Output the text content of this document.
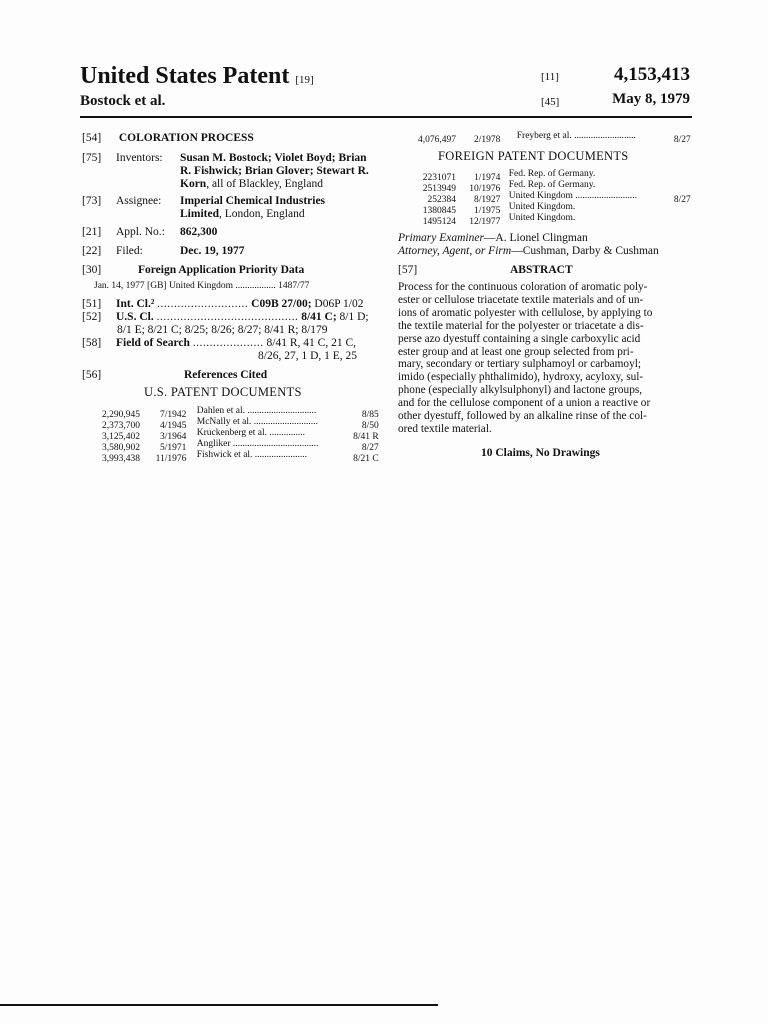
United States Patent [19]
Bostock et al.
[11]	4,153,413
[45]	May 8, 1979
[54] COLORATION PROCESS
[75] Inventors: Susan M. Bostock; Violet Boyd; Brian
R. Fishwick; Brian Glover; Stewart R.
Korn, all of Blackley, England
[73] Assignee: Imperial Chemical Industries
Limited, London, England
[21] Appl. No.: 862,300
[22] Filed:	Dec. 19, 1977
[30]	Foreign Application Priority Data
Jan. 14, 1977 [GB] United Kingdom ................. 1487/77
[51] Int. Cl.² ........................... C09B 27/00; D06P 1/02
[52] U.S. Cl. .......................................... 8/41 C; 8/1 D;
8/1 E; 8/21 C; 8/25; 8/26; 8/27; 8/41 R; 8/179
[58] Field of Search ..................... 8/41 R, 41 C, 21 C,
8/26, 27, 1 D, 1 E, 25
[56]	References Cited
U.S. PATENT DOCUMENTS
2,290,945 7/1942 Dahlen et al. .............................	8/85
2,373,700 4/1945 McNally et al. ...........................	8/50
3,125,402 3/1964 Kruckenberg et al. ...............	8/41 R
3,580,902 5/1971 Angliker ....................................	8/27
3,993,438 11/1976 Fishwick et al. ......................	8/21 C
4,076,497 2/1978 Freyberg et al. ..........................	8/27
FOREIGN PATENT DOCUMENTS
2231071 1/1974 Fed. Rep. of Germany.
2513949 10/1976 Fed. Rep. of Germany.
252384 8/1927 United Kingdom ..........................	8/27
1380845 1/1975 United Kingdom.
1495124 12/1977 United Kingdom.
Primary Examiner—A. Lionel Clingman
Attorney, Agent, or Firm—Cushman, Darby & Cushman
[57]	ABSTRACT
Process for the continuous coloration of aromatic poly-
ester or cellulose triacetate textile materials and of un-
ions of aromatic polyester with cellulose, by applying to
the textile material for the polyester or triacetate a dis-
perse azo dyestuff containing a single carboxylic acid
ester group and at least one group selected from pri-
mary, secondary or tertiary sulphamoyl or carbamoyl;
imido (especially phthalimido), hydroxy, acyloxy, sul-
phone (especially alkylsulphonyl) and lactone groups,
and for the cellulose component of a union a reactive or
other dyestuff, followed by an alkaline rinse of the col-
ored textile material.
10 Claims, No Drawings
